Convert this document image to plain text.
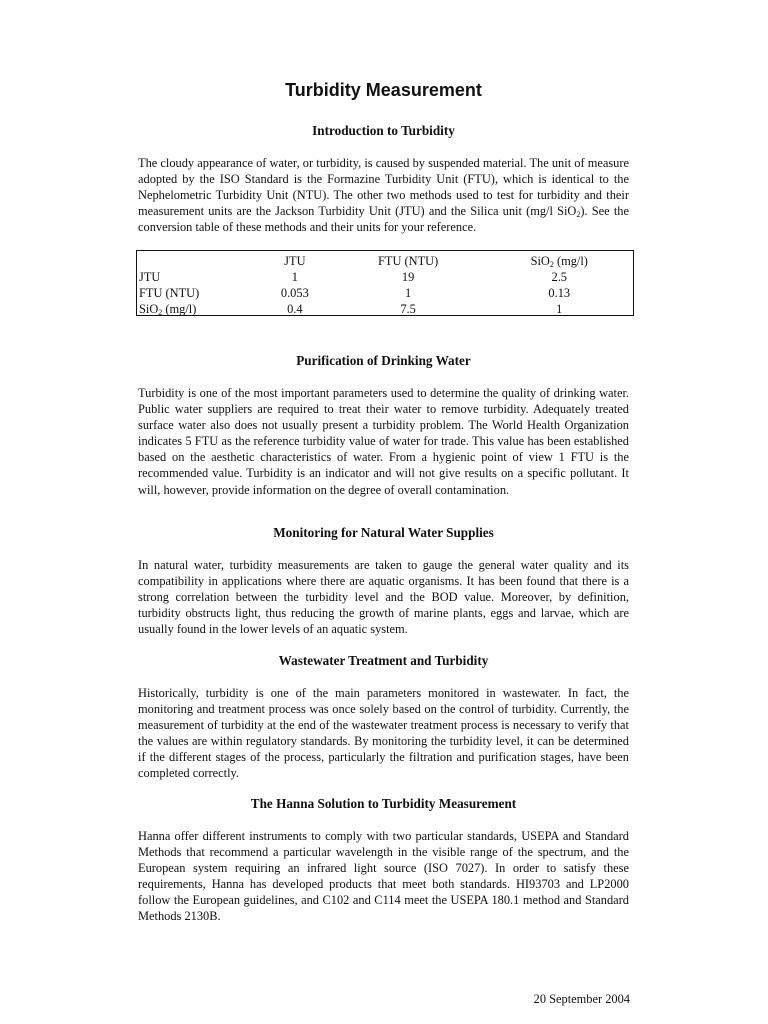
Turbidity Measurement
Introduction to Turbidity

The cloudy appearance of water, or turbidity, is caused by suspended material. The unit of measure adopted by the ISO Standard is the Formazine Turbidity Unit (FTU), which is identical to the Nephelometric Turbidity Unit (NTU). The other two methods used to test for turbidity and their measurement units are the Jackson Turbidity Unit (JTU) and the Silica unit (mg/l SiO$_2$). See the conversion table of these methods and their units for your reference.

	JTU	FTU (NTU)	SiO$_2$ (mg/l)
JTU	1	19	2.5
FTU (NTU)	0.053	1	0.13
SiO$_2$ (mg/l)	0.4	7.5	1
Purification of Drinking Water

Turbidity is one of the most important parameters used to determine the quality of drinking water. Public water suppliers are required to treat their water to remove turbidity. Adequately treated surface water also does not usually present a turbidity problem. The World Health Organization indicates 5 FTU as the reference turbidity value of water for trade. This value has been established based on the aesthetic characteristics of water. From a hygienic point of view 1 FTU is the recommended value. Turbidity is an indicator and will not give results on a specific pollutant. It will, however, provide information on the degree of overall contamination.

Monitoring for Natural Water Supplies

In natural water, turbidity measurements are taken to gauge the general water quality and its compatibility in applications where there are aquatic organisms. It has been found that there is a strong correlation between the turbidity level and the BOD value. Moreover, by definition, turbidity obstructs light, thus reducing the growth of marine plants, eggs and larvae, which are usually found in the lower levels of an aquatic system.

Wastewater Treatment and Turbidity

Historically, turbidity is one of the main parameters monitored in wastewater. In fact, the monitoring and treatment process was once solely based on the control of turbidity. Currently, the measurement of turbidity at the end of the wastewater treatment process is necessary to verify that the values are within regulatory standards. By monitoring the turbidity level, it can be determined if the different stages of the process, particularly the filtration and purification stages, have been completed correctly.

The Hanna Solution to Turbidity Measurement

Hanna offer different instruments to comply with two particular standards, USEPA and Standard Methods that recommend a particular wavelength in the visible range of the spectrum, and the European system requiring an infrared light source (ISO 7027). In order to satisfy these requirements, Hanna has developed products that meet both standards. HI93703 and LP2000 follow the European guidelines, and C102 and C114 meet the USEPA 180.1 method and Standard Methods 2130B.

20 September 2004
